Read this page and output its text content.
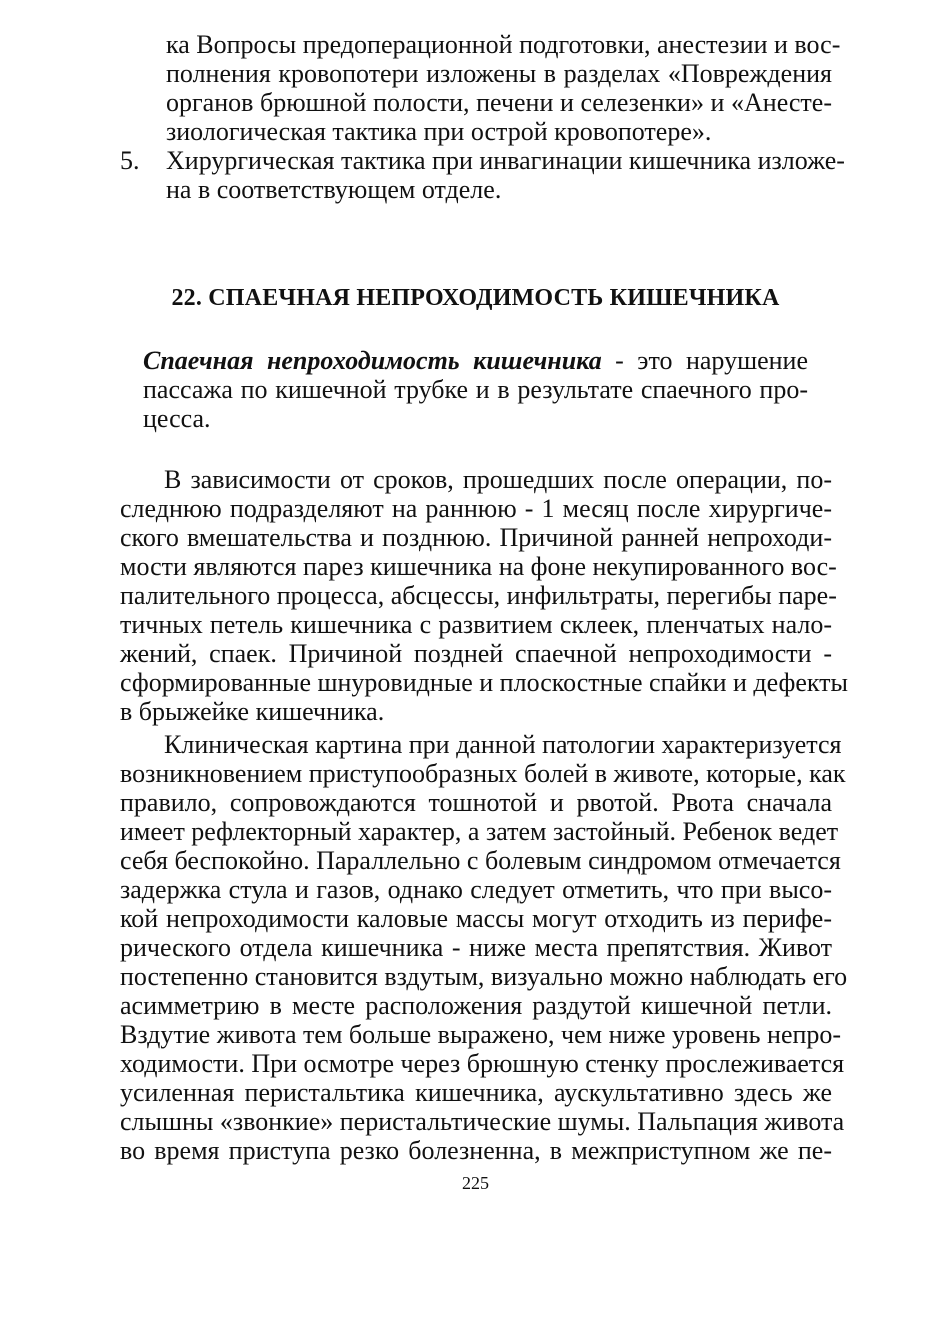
ка Вопросы предоперационной подготовки, анестезии и вос-
полнения кровопотери изложены в разделах «Повреждения
органов брюшной полости, печени и селезенки» и «Анесте-
зиологическая тактика при острой кровопотере».
5. Хирургическая тактика при инвагинации кишечника изложе-
на в соответствующем отделе.
22. СПАЕЧНАЯ НЕПРОХОДИМОСТЬ КИШЕЧНИКА
Спаечная непроходимость кишечника - это нарушение
пассажа по кишечной трубке и в результате спаечного про-
цесса.
В зависимости от сроков, прошедших после операции, по-
следнюю подразделяют на раннюю - 1 месяц после хирургиче-
ского вмешательства и позднюю. Причиной ранней непроходи-
мости являются парез кишечника на фоне некупированного вос-
палительного процесса, абсцессы, инфильтраты, перегибы паре-
тичных петель кишечника с развитием склеек, пленчатых нало-
жений, спаек. Причиной поздней спаечной непроходимости -
сформированные шнуровидные и плоскостные спайки и дефекты
в брыжейке кишечника.
Клиническая картина при данной патологии характеризуется
возникновением приступообразных болей в животе, которые, как
правило, сопровождаются тошнотой и рвотой. Рвота сначала
имеет рефлекторный характер, а затем застойный. Ребенок ведет
себя беспокойно. Параллельно с болевым синдромом отмечается
задержка стула и газов, однако следует отметить, что при высо-
кой непроходимости каловые массы могут отходить из перифе-
рического отдела кишечника - ниже места препятствия. Живот
постепенно становится вздутым, визуально можно наблюдать его
асимметрию в месте расположения раздутой кишечной петли.
Вздутие живота тем больше выражено, чем ниже уровень непро-
ходимости. При осмотре через брюшную стенку прослеживается
усиленная перистальтика кишечника, аускультативно здесь же
слышны «звонкие» перистальтические шумы. Пальпация живота
во время приступа резко болезненна, в межприступном же пе-
225
